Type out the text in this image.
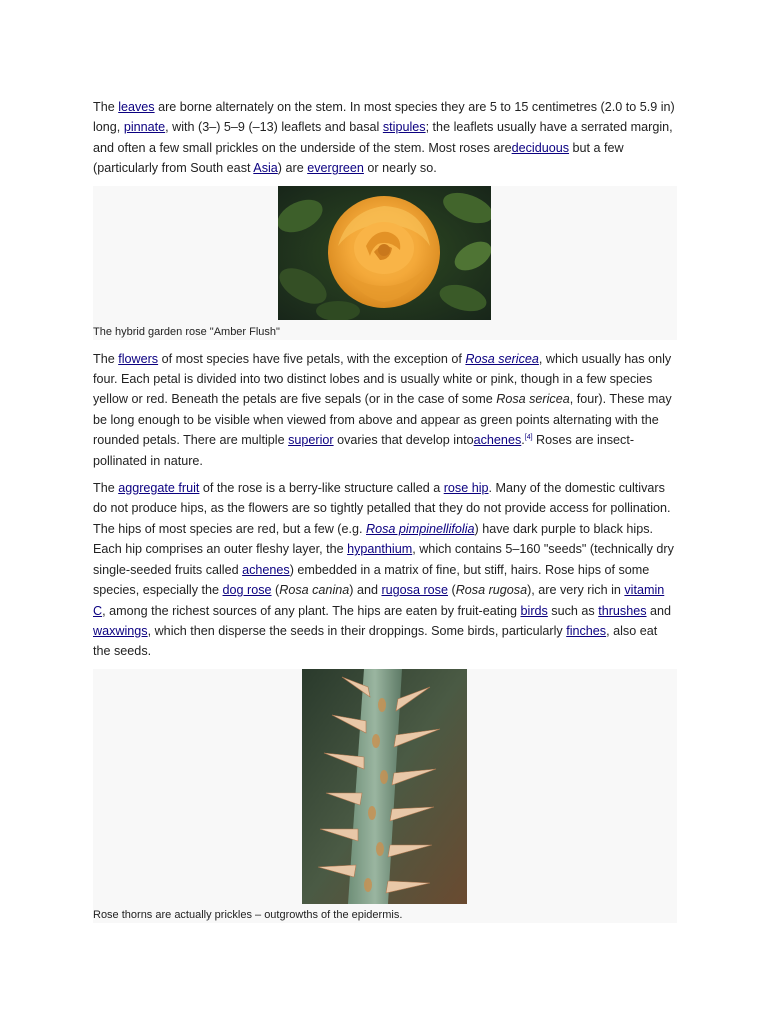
The leaves are borne alternately on the stem. In most species they are 5 to 15 centimetres (2.0 to 5.9 in) long, pinnate, with (3–) 5–9 (–13) leaflets and basal stipules; the leaflets usually have a serrated margin, and often a few small prickles on the underside of the stem. Most roses aredeciduous but a few (particularly from South east Asia) are evergreen or nearly so.

The hybrid garden rose "Amber Flush"

The flowers of most species have five petals, with the exception of Rosa sericea, which usually has only four. Each petal is divided into two distinct lobes and is usually white or pink, though in a few species yellow or red. Beneath the petals are five sepals (or in the case of some Rosa sericea, four). These may be long enough to be visible when viewed from above and appear as green points alternating with the rounded petals. There are multiple superior ovaries that develop intoachenes.[4] Roses are insect-pollinated in nature.

The aggregate fruit of the rose is a berry-like structure called a rose hip. Many of the domestic cultivars do not produce hips, as the flowers are so tightly petalled that they do not provide access for pollination. The hips of most species are red, but a few (e.g. Rosa pimpinellifolia) have dark purple to black hips. Each hip comprises an outer fleshy layer, the hypanthium, which contains 5–160 "seeds" (technically dry single-seeded fruits called achenes) embedded in a matrix of fine, but stiff, hairs. Rose hips of some species, especially the dog rose (Rosa canina) and rugosa rose (Rosa rugosa), are very rich in vitamin C, among the richest sources of any plant. The hips are eaten by fruit-eating birds such as thrushes and waxwings, which then disperse the seeds in their droppings. Some birds, particularly finches, also eat the seeds.

Rose thorns are actually prickles – outgrowths of the epidermis.
